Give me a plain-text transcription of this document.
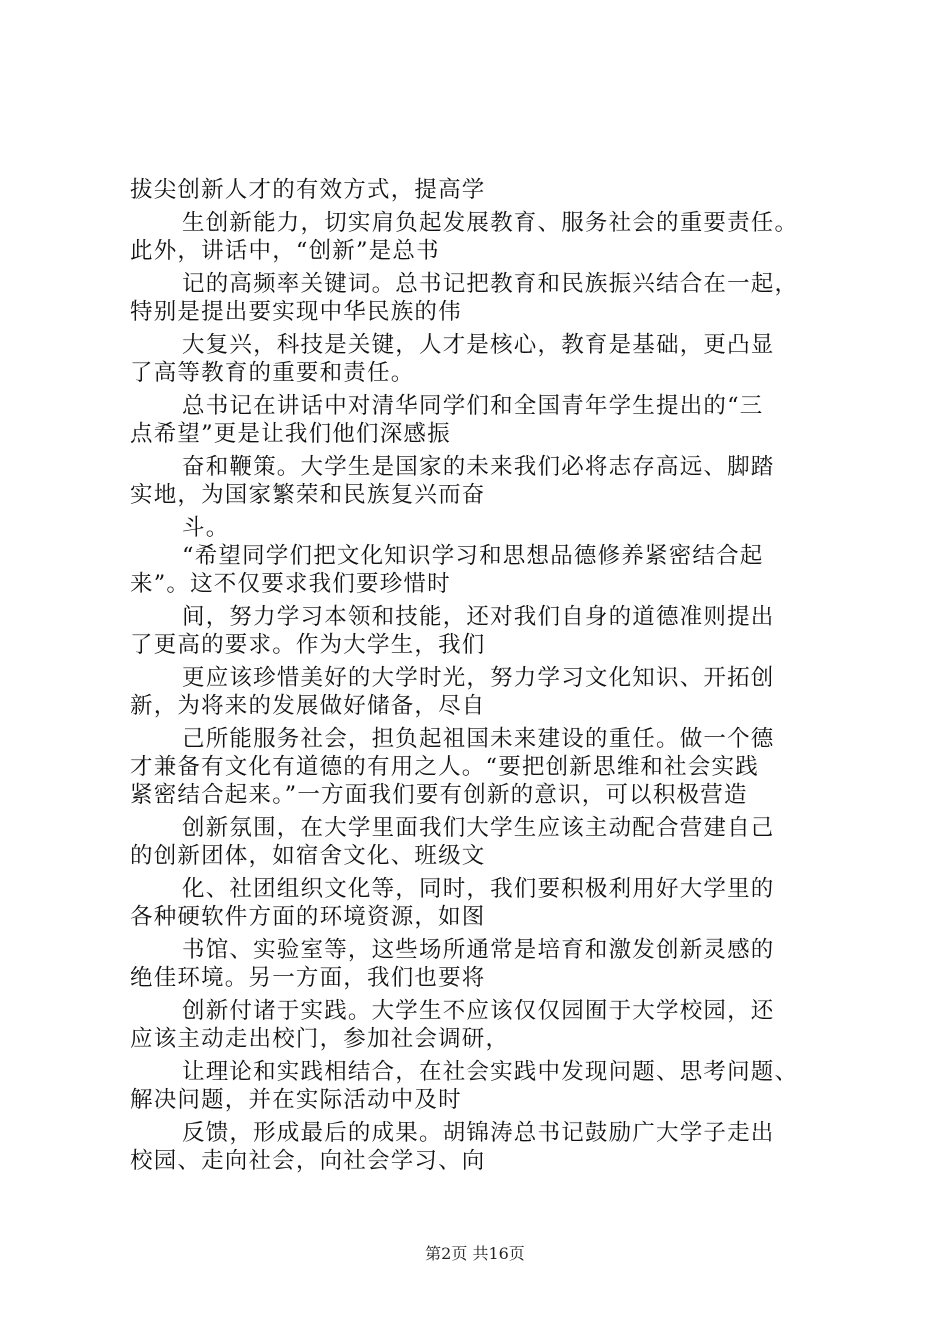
拔尖创新人才的有效方式，提高学
生创新能力，切实肩负起发展教育、服务社会的重要责任。
此外，讲话中，“创新”是总书
记的高频率关键词。总书记把教育和民族振兴结合在一起，
特别是提出要实现中华民族的伟
大复兴，科技是关键，人才是核心，教育是基础，更凸显
了高等教育的重要和责任。
总书记在讲话中对清华同学们和全国青年学生提出的“三
点希望”更是让我们他们深感振
奋和鞭策。大学生是国家的未来我们必将志存高远、脚踏
实地，为国家繁荣和民族复兴而奋
斗。
“希望同学们把文化知识学习和思想品德修养紧密结合起
来”。这不仅要求我们要珍惜时
间，努力学习本领和技能，还对我们自身的道德准则提出
了更高的要求。作为大学生，我们
更应该珍惜美好的大学时光，努力学习文化知识、开拓创
新，为将来的发展做好储备，尽自
己所能服务社会，担负起祖国未来建设的重任。做一个德
才兼备有文化有道德的有用之人。“要把创新思维和社会实践
紧密结合起来。”一方面我们要有创新的意识，可以积极营造
创新氛围，在大学里面我们大学生应该主动配合营建自己
的创新团体，如宿舍文化、班级文
化、社团组织文化等，同时，我们要积极利用好大学里的
各种硬软件方面的环境资源，如图
书馆、实验室等，这些场所通常是培育和激发创新灵感的
绝佳环境。另一方面，我们也要将
创新付诸于实践。大学生不应该仅仅园囿于大学校园，还
应该主动走出校门，参加社会调研，
让理论和实践相结合，在社会实践中发现问题、思考问题、
解决问题，并在实际活动中及时
反馈，形成最后的成果。胡锦涛总书记鼓励广大学子走出
校园、走向社会，向社会学习、向
第2页 共16页
